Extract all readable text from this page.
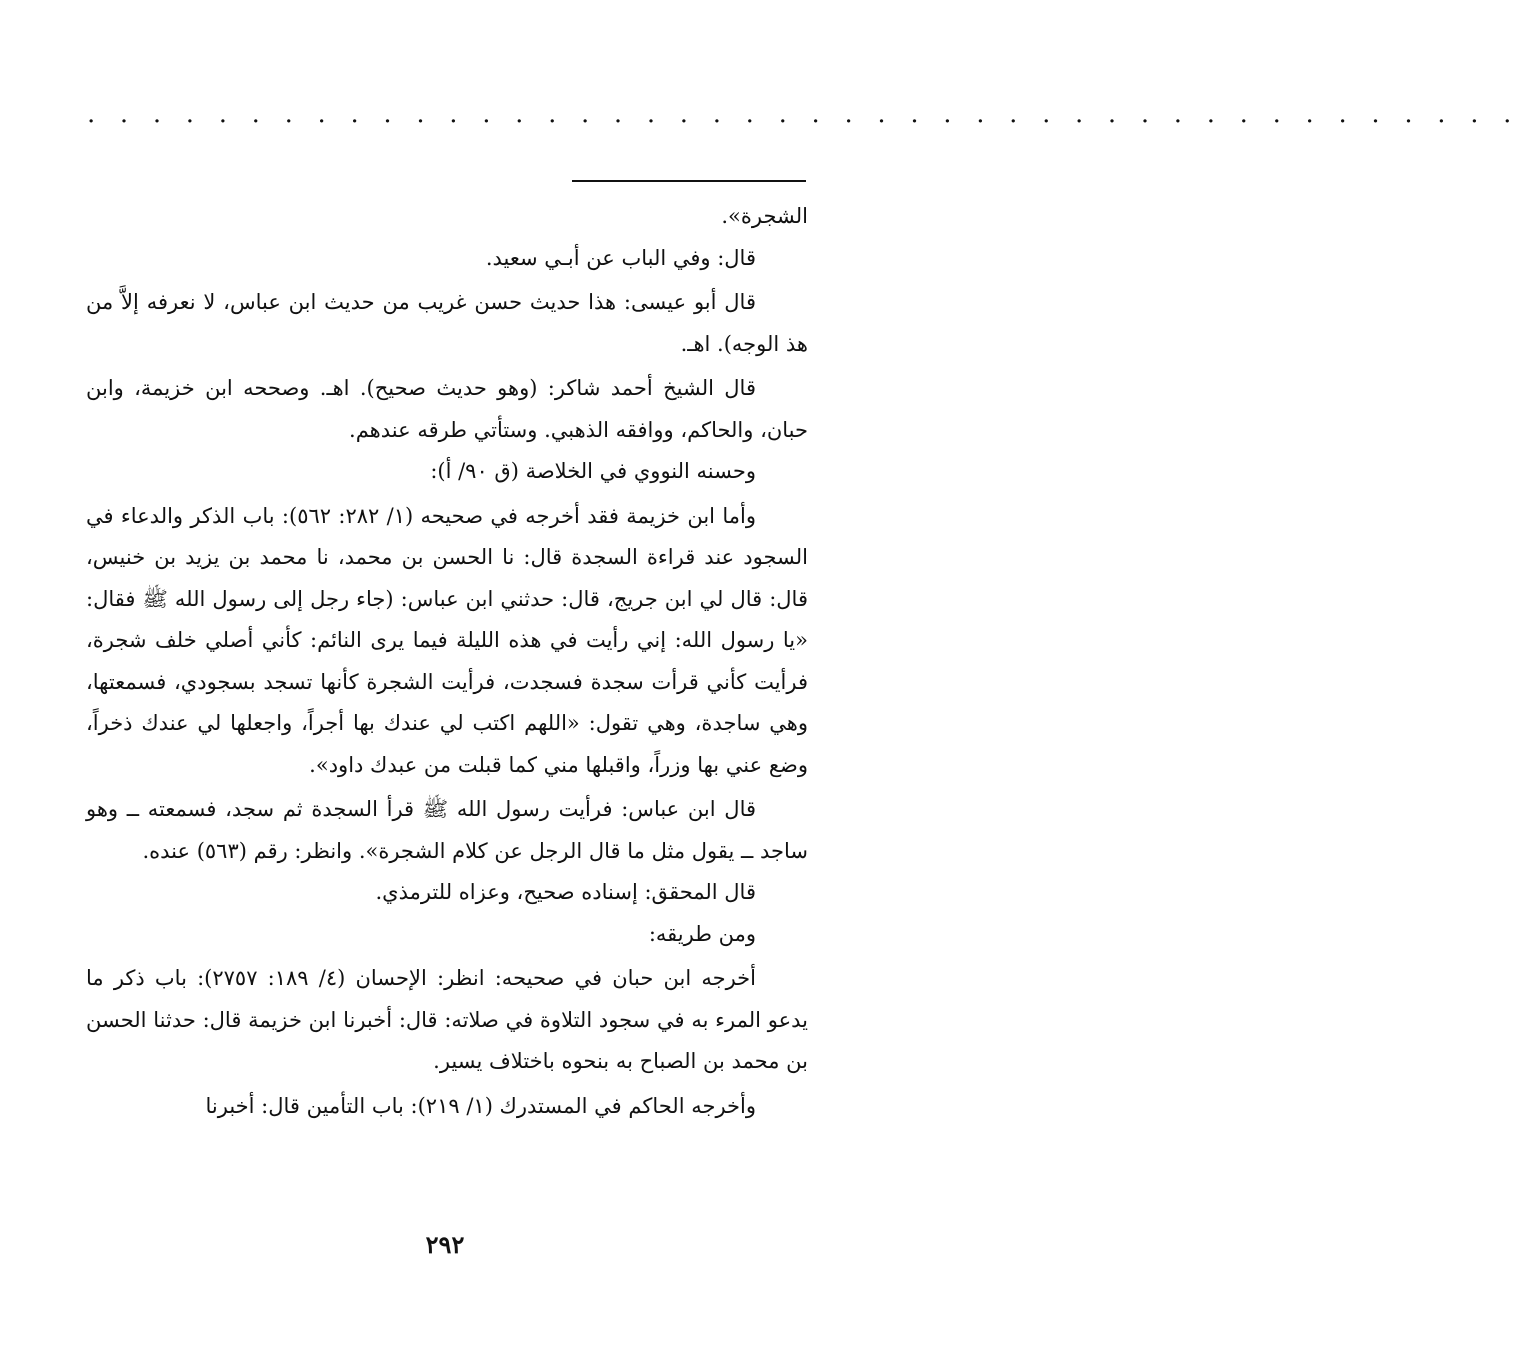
· · · · · · · · · · · · · · · · · · · · · · · · · · · · · · · · · · · · · · · · · · · ·

الشجرة».

قال: وفي الباب عن أبـي سعيد.

قال أبو عيسى: هذا حديث حسن غريب من حديث ابن عباس، لا نعرفه إلاَّ من هذ الوجه). اهـ.

قال الشيخ أحمد شاكر: (وهو حديث صحيح). اهـ. وصححه ابن خزيمة، وابن حبان، والحاكم، ووافقه الذهبي. وستأتي طرقه عندهم.

وحسنه النووي في الخلاصة (ق ٩٠/ أ):

وأما ابن خزيمة فقد أخرجه في صحيحه (١/ ٢٨٢: ٥٦٢): باب الذكر والدعاء في السجود عند قراءة السجدة قال: نا الحسن بن محمد، نا محمد بن يزيد بن خنيس، قال: قال لي ابن جريج، قال: حدثني ابن عباس: (جاء رجل إلى رسول الله ﷺ فقال: «يا رسول الله: إني رأيت في هذه الليلة فيما يرى النائم: كأني أصلي خلف شجرة، فرأيت كأني قرأت سجدة فسجدت، فرأيت الشجرة كأنها تسجد بسجودي، فسمعتها، وهي ساجدة، وهي تقول: «اللهم اكتب لي عندك بها أجراً، واجعلها لي عندك ذخراً، وضع عني بها وزراً، واقبلها مني كما قبلت من عبدك داود».

قال ابن عباس: فرأيت رسول الله ﷺ قرأ السجدة ثم سجد، فسمعته ــ وهو ساجد ــ يقول مثل ما قال الرجل عن كلام الشجرة». وانظر: رقم (٥٦٣) عنده.

قال المحقق: إسناده صحيح، وعزاه للترمذي.

ومن طريقه:

أخرجه ابن حبان في صحيحه: انظر: الإحسان (٤/ ١٨٩: ٢٧٥٧): باب ذكر ما يدعو المرء به في سجود التلاوة في صلاته: قال: أخبرنا ابن خزيمة قال: حدثنا الحسن بن محمد بن الصباح به بنحوه باختلاف يسير.

وأخرجه الحاكم في المستدرك (١/ ٢١٩): باب التأمين قال: أخبرنا

٢٩٢
